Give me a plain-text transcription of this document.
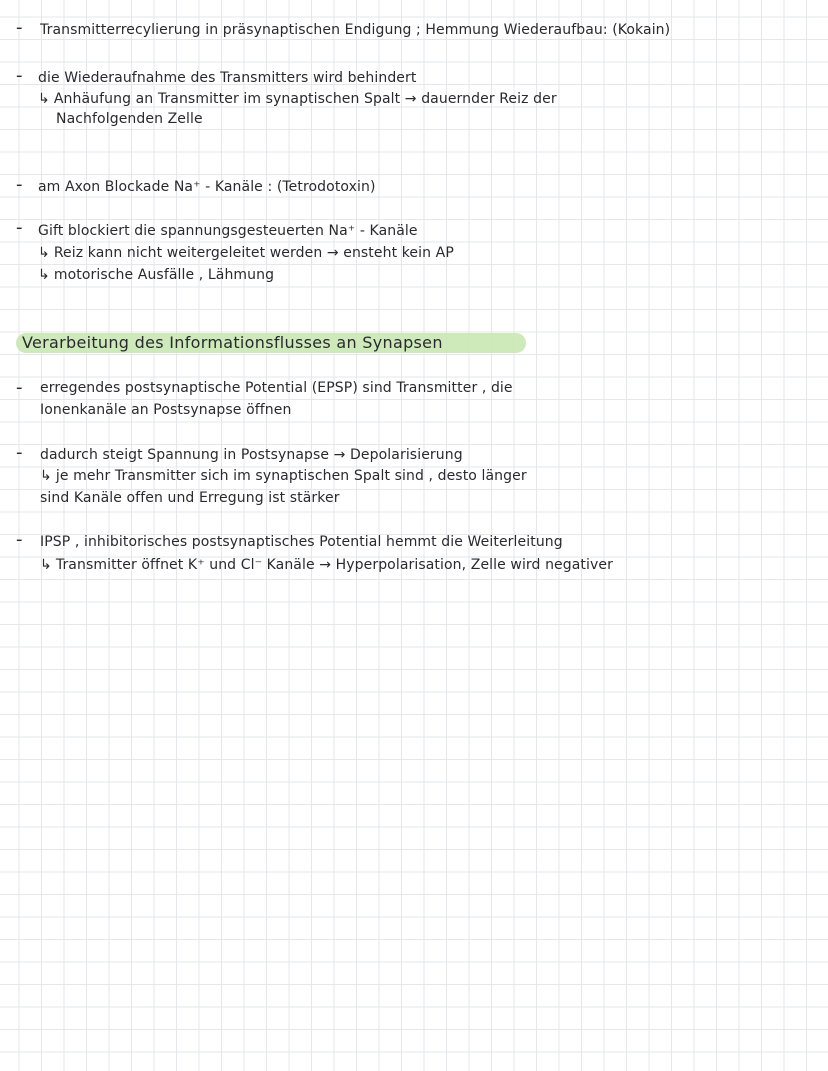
- Transmitterrecylierung in präsynaptischen Endigung ; Hemmung Wiederaufbau: (Kokain)
- die Wiederaufnahme des Transmitters wird behindert
↳ Anhäufung an Transmitter im synaptischen Spalt → dauernder Reiz der
Nachfolgenden Zelle
- am Axon Blockade Na⁺ - Kanäle : (Tetrodotoxin)
- Gift blockiert die spannungsgesteuerten Na⁺ - Kanäle
↳ Reiz kann nicht weitergeleitet werden → ensteht kein AP
↳ motorische Ausfälle , Lähmung
Verarbeitung des Informationsflusses an Synapsen
- erregendes postsynaptische Potential (EPSP) sind Transmitter , die
Ionenkanäle an Postsynapse öffnen
- dadurch steigt Spannung in Postsynapse → Depolarisierung
↳ je mehr Transmitter sich im synaptischen Spalt sind , desto länger
sind Kanäle offen und Erregung ist stärker
- IPSP , inhibitorisches postsynaptisches Potential hemmt die Weiterleitung
↳ Transmitter öffnet K⁺ und Cl⁻ Kanäle → Hyperpolarisation, Zelle wird negativer
